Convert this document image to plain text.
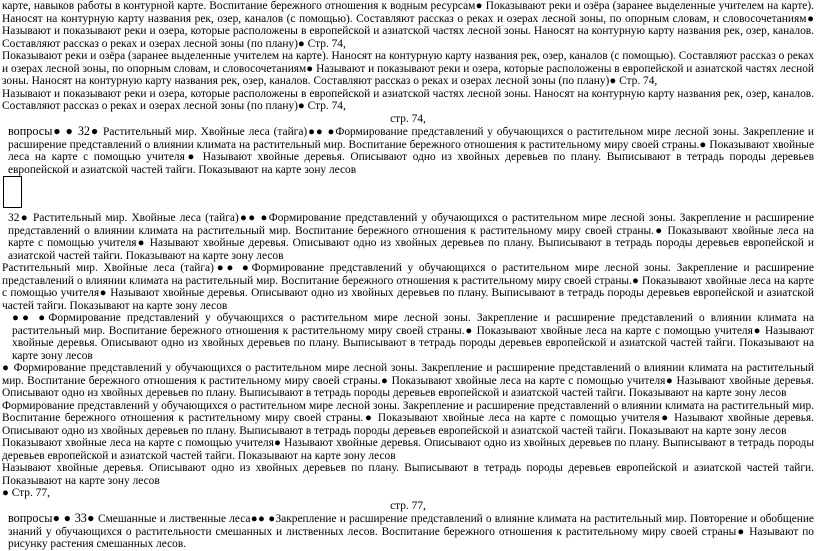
карте, навыков работы в контурной карте. Воспитание бережного отношения к водным ресурсам● Показывают реки и озёра (заранее выделенные учителем на карте). Наносят на контурную карту названия рек, озер, каналов (с помощью). Составляют рассказ о реках и озерах лесной зоны, по опорным словам, и словосочетаниям● Называют и показывают реки и озера, которые расположены в европейской и азиатской частях лесной зоны. Наносят на контурную карту названия рек, озер, каналов. Составляют рассказ о реках и озерах лесной зоны (по плану)● Стр. 74,

Показывают реки и озёра (заранее выделенные учителем на карте). Наносят на контурную карту названия рек, озер, каналов (с помощью). Составляют рассказ о реках и озерах лесной зоны, по опорным словам, и словосочетаниям● Называют и показывают реки и озера, которые расположены в европейской и азиатской частях лесной зоны. Наносят на контурную карту названия рек, озер, каналов. Составляют рассказ о реках и озерах лесной зоны (по плану)● Стр. 74,

Называют и показывают реки и озера, которые расположены в европейской и азиатской частях лесной зоны. Наносят на контурную карту названия рек, озер, каналов. Составляют рассказ о реках и озерах лесной зоны (по плану)● Стр. 74,

стр. 74,

вопросы● ● 32● Растительный мир. Хвойные леса (тайга)●● ●Формирование представлений у обучающихся о растительном мире лесной зоны. Закрепление и расширение представлений о влиянии климата на растительный мир. Воспитание бережного отношения к растительному миру своей страны.● Показывают хвойные леса на карте с помощью учителя● Называют хвойные деревья. Описывают одно из хвойных деревьев по плану. Выписывают в тетрадь породы деревьев европейской и азиатской частей тайги. Показывают на карте зону лесов

32● Растительный мир. Хвойные леса (тайга)●● ●Формирование представлений у обучающихся о растительном мире лесной зоны. Закрепление и расширение представлений о влиянии климата на растительный мир. Воспитание бережного отношения к растительному миру своей страны.● Показывают хвойные леса на карте с помощью учителя● Называют хвойные деревья. Описывают одно из хвойных деревьев по плану. Выписывают в тетрадь породы деревьев европейской и азиатской частей тайги. Показывают на карте зону лесов

Растительный мир. Хвойные леса (тайга)●● ●Формирование представлений у обучающихся о растительном мире лесной зоны. Закрепление и расширение представлений о влиянии климата на растительный мир. Воспитание бережного отношения к растительному миру своей страны.● Показывают хвойные леса на карте с помощью учителя● Называют хвойные деревья. Описывают одно из хвойных деревьев по плану. Выписывают в тетрадь породы деревьев европейской и азиатской частей тайги. Показывают на карте зону лесов

●● ●Формирование представлений у обучающихся о растительном мире лесной зоны. Закрепление и расширение представлений о влиянии климата на растительный мир. Воспитание бережного отношения к растительному миру своей страны.● Показывают хвойные леса на карте с помощью учителя● Называют хвойные деревья. Описывают одно из хвойных деревьев по плану. Выписывают в тетрадь породы деревьев европейской и азиатской частей тайги. Показывают на карте зону лесов

● Формирование представлений у обучающихся о растительном мире лесной зоны. Закрепление и расширение представлений о влиянии климата на растительный мир. Воспитание бережного отношения к растительному миру своей страны.● Показывают хвойные леса на карте с помощью учителя● Называют хвойные деревья. Описывают одно из хвойных деревьев по плану. Выписывают в тетрадь породы деревьев европейской и азиатской частей тайги. Показывают на карте зону лесов

Формирование представлений у обучающихся о растительном мире лесной зоны. Закрепление и расширение представлений о влиянии климата на растительный мир. Воспитание бережного отношения к растительному миру своей страны.● Показывают хвойные леса на карте с помощью учителя● Называют хвойные деревья. Описывают одно из хвойных деревьев по плану. Выписывают в тетрадь породы деревьев европейской и азиатской частей тайги. Показывают на карте зону лесов

Показывают хвойные леса на карте с помощью учителя● Называют хвойные деревья. Описывают одно из хвойных деревьев по плану. Выписывают в тетрадь породы деревьев европейской и азиатской частей тайги. Показывают на карте зону лесов

Называют хвойные деревья. Описывают одно из хвойных деревьев по плану. Выписывают в тетрадь породы деревьев европейской и азиатской частей тайги. Показывают на карте зону лесов

● Стр. 77,

стр. 77,

вопросы● ● 33● Смешанные и лиственные леса●● ●Закрепление и расширение представлений о влияние климата на растительный мир. Повторение и обобщение знаний у обучающихся о растительности смешанных и лиственных лесов. Воспитание бережного отношения к растительному миру своей страны● Называют по рисунку растения смешанных лесов.
